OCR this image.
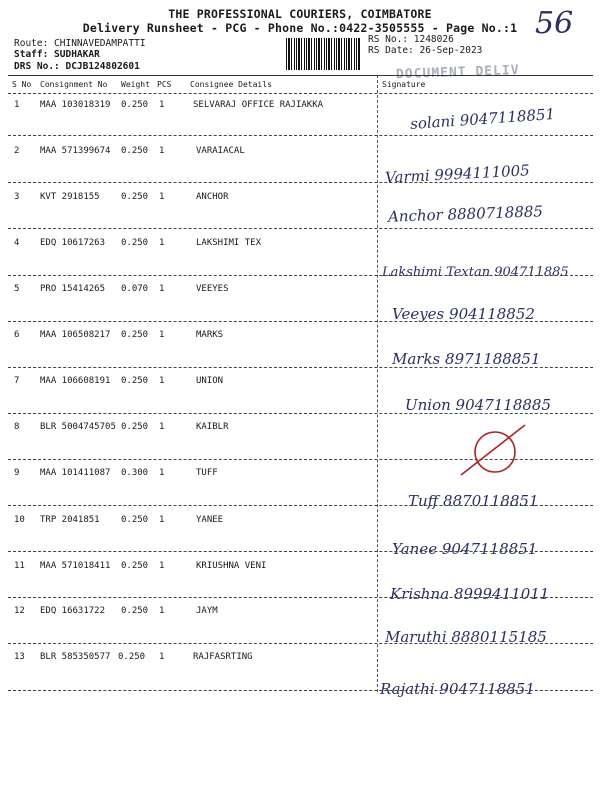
THE PROFESSIONAL COURIERS, COIMBATORE
Delivery Runsheet - PCG - Phone No.:0422-3505555 - Page No.:1 56
Route: CHINNAVEDAMPATTI
Staff: SUDHAKAR
DRS No.: DCJB124802601
RS No.: 1248026
RS Date: 26-Sep-2023
DOCUMENT DELIV
S No Consignment No Weight PCS Consignee Details	Signature
1 MAA 103018319 0.250 1	SELVARAJ OFFICE RAJIAKKA	solani 9047118851
2 MAA 571399674 0.250 1	VARAIACAL
Varmi 9994111005
3 KVT 2918155 0.250 1	ANCHOR
Anchor 8880718885
4 EDQ 10617263 0.250 1	LAKSHIMI TEX
Lakshimi Textan 904711885
5 PRO 15414265 0.070 1	VEEYES
Veeyes 904118852
6 MAA 106508217 0.250 1	MARKS
Marks 8971188851
7 MAA 106608191 0.250 1	UNION
Union 9047118885
8 BLR 5004745705 0.250 1	KAIBLR
9 MAA 101411087 0.300 1	TUFF
Tuff 8870118851
10 TRP 2041851 0.250 1	YANEE
Yanee 9047118851
11 MAA 571018411 0.250 1	KRIUSHNA VENI
Krishna 8999411011
12 EDQ 16631722 0.250 1	JAYM
Maruthi 8880115185
13 BLR 585350577 0.250 1	RAJFASRTING
Rajathi 9047118851
